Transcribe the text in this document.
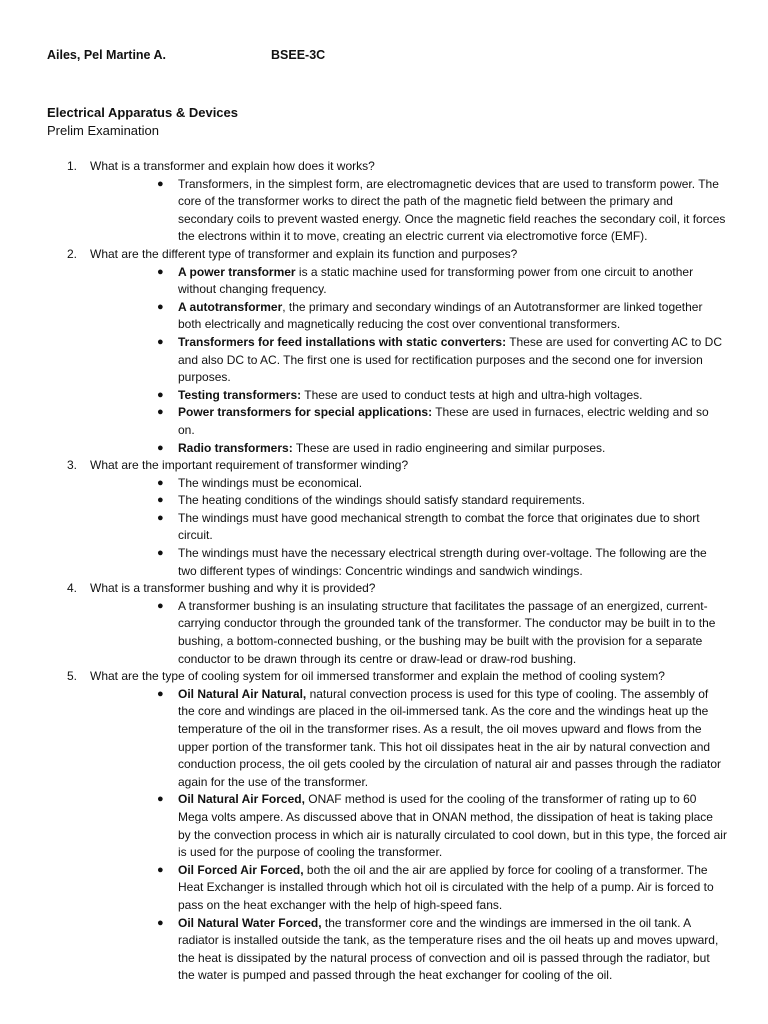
Ailes, Pel Martine A.	BSEE-3C
Electrical Apparatus & Devices
Prelim Examination
1. What is a transformer and explain how does it works?
● Transformers, in the simplest form, are electromagnetic devices that are used to transform power. The core of the transformer works to direct the path of the magnetic field between the primary and secondary coils to prevent wasted energy. Once the magnetic field reaches the secondary coil, it forces the electrons within it to move, creating an electric current via electromotive force (EMF).
2. What are the different type of transformer and explain its function and purposes?
● A power transformer is a static machine used for transforming power from one circuit to another without changing frequency.
● A autotransformer, the primary and secondary windings of an Autotransformer are linked together both electrically and magnetically reducing the cost over conventional transformers.
● Transformers for feed installations with static converters: These are used for converting AC to DC and also DC to AC. The first one is used for rectification purposes and the second one for inversion purposes.
● Testing transformers: These are used to conduct tests at high and ultra-high voltages.
● Power transformers for special applications: These are used in furnaces, electric welding and so on.
● Radio transformers: These are used in radio engineering and similar purposes.
3. What are the important requirement of transformer winding?
● The windings must be economical.
● The heating conditions of the windings should satisfy standard requirements.
● The windings must have good mechanical strength to combat the force that originates due to short circuit.
● The windings must have the necessary electrical strength during over-voltage. The following are the two different types of windings: Concentric windings and sandwich windings.
4. What is a transformer bushing and why it is provided?
● A transformer bushing is an insulating structure that facilitates the passage of an energized, current-carrying conductor through the grounded tank of the transformer. The conductor may be built in to the bushing, a bottom-connected bushing, or the bushing may be built with the provision for a separate conductor to be drawn through its centre or draw-lead or draw-rod bushing.
5. What are the type of cooling system for oil immersed transformer and explain the method of cooling system?
● Oil Natural Air Natural, natural convection process is used for this type of cooling. The assembly of the core and windings are placed in the oil-immersed tank. As the core and the windings heat up the temperature of the oil in the transformer rises. As a result, the oil moves upward and flows from the upper portion of the transformer tank. This hot oil dissipates heat in the air by natural convection and conduction process, the oil gets cooled by the circulation of natural air and passes through the radiator again for the use of the transformer.
● Oil Natural Air Forced, ONAF method is used for the cooling of the transformer of rating up to 60 Mega volts ampere. As discussed above that in ONAN method, the dissipation of heat is taking place by the convection process in which air is naturally circulated to cool down, but in this type, the forced air is used for the purpose of cooling the transformer.
● Oil Forced Air Forced, both the oil and the air are applied by force for cooling of a transformer. The Heat Exchanger is installed through which hot oil is circulated with the help of a pump. Air is forced to pass on the heat exchanger with the help of high-speed fans.
● Oil Natural Water Forced, the transformer core and the windings are immersed in the oil tank. A radiator is installed outside the tank, as the temperature rises and the oil heats up and moves upward, the heat is dissipated by the natural process of convection and oil is passed through the radiator, but the water is pumped and passed through the heat exchanger for cooling of the oil.
